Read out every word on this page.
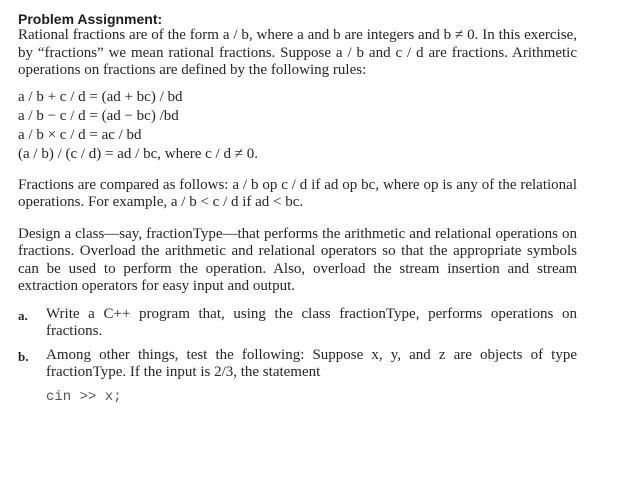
Problem Assignment:

Rational fractions are of the form a / b, where a and b are integers and b ≠ 0. In this exercise, by “fractions” we mean rational fractions. Suppose a / b and c / d are fractions. Arithmetic operations on fractions are defined by the following rules:

a / b + c / d = (ad + bc) / bd
a / b − c / d = (ad − bc) /bd
a / b × c / d = ac / bd
(a / b) / (c / d) = ad / bc, where c / d ≠ 0.

Fractions are compared as follows: a / b op c / d if ad op bc, where op is any of the relational operations. For example, a / b < c / d if ad < bc.

Design a class—say, fractionType—that performs the arithmetic and relational operations on fractions. Overload the arithmetic and relational operators so that the appropriate symbols can be used to perform the operation. Also, overload the stream insertion and stream extraction operators for easy input and output.

a.	Write a C++ program that, using the class fractionType, performs operations on fractions.
b.	Among other things, test the following: Suppose x, y, and z are objects of type fractionType. If the input is 2/3, the statement
cin >> x;
